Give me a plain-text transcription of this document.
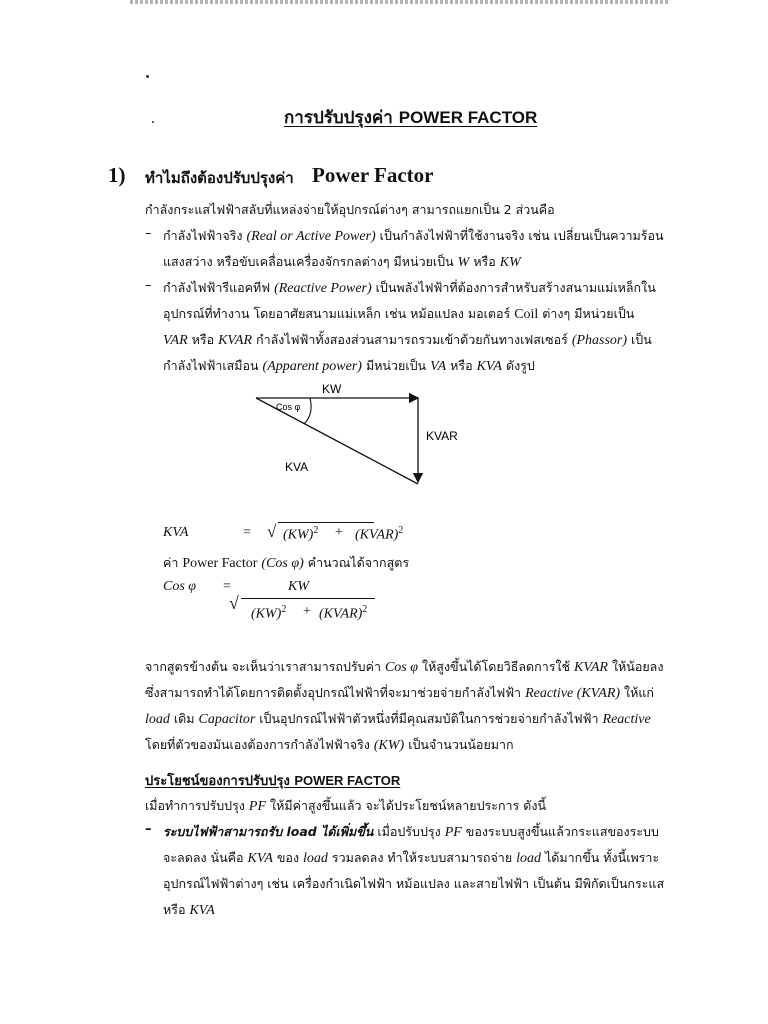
การปรับปรุงค่า POWER FACTOR
1) ทำไมถึงต้องปรับปรุงค่า Power Factor
กำลังกระแสไฟฟ้าสลับที่แหล่งจ่ายให้อุปกรณ์ต่างๆ สามารถแยกเป็น 2 ส่วนคือ
– กำลังไฟฟ้าจริง (Real or Active Power) เป็นกำลังไฟฟ้าที่ใช้งานจริง เช่น เปลี่ยนเป็นความร้อน
แสงสว่าง หรือขับเคลื่อนเครื่องจักรกลต่างๆ มีหน่วยเป็น W หรือ KW
– กำลังไฟฟ้ารีแอคทีฟ (Reactive Power) เป็นพลังไฟฟ้าที่ต้องการสำหรับสร้างสนามแม่เหล็กใน
อุปกรณ์ที่ทำงาน โดยอาศัยสนามแม่เหล็ก เช่น หม้อแปลง มอเตอร์ Coil ต่างๆ มีหน่วยเป็น
VAR หรือ KVAR กำลังไฟฟ้าทั้งสองส่วนสามารถรวมเข้าด้วยกันทางเฟสเซอร์ (Phassor) เป็น
กำลังไฟฟ้าเสมือน (Apparent power) มีหน่วยเป็น VA หรือ KVA ดังรูป
KW
KVAR
KVA
Cos φ
KVA	= √ (KW)$^2$ + (KVAR)$^2$
ค่า Power Factor (Cos φ) คำนวณได้จากสูตร
Cos φ =	KW
√
(KW)$^2$ + (KVAR)$^2$
จากสูตรข้างต้น จะเห็นว่าเราสามารถปรับค่า Cos φ ให้สูงขึ้นได้โดยวิธีลดการใช้ KVAR ให้น้อยลง
ซึ่งสามารถทำได้โดยการติดตั้งอุปกรณ์ไฟฟ้าที่จะมาช่วยจ่ายกำลังไฟฟ้า Reactive (KVAR) ให้แก่
load เดิม Capacitor เป็นอุปกรณ์ไฟฟ้าตัวหนึ่งที่มีคุณสมบัติในการช่วยจ่ายกำลังไฟฟ้า Reactive
โดยที่ตัวของมันเองต้องการกำลังไฟฟ้าจริง (KW) เป็นจำนวนน้อยมาก
ประโยชน์ของการปรับปรุง POWER FACTOR
เมื่อทำการปรับปรุง PF ให้มีค่าสูงขึ้นแล้ว จะได้ประโยชน์หลายประการ ดังนี้
– ระบบไฟฟ้าสามารถรับ load ได้เพิ่มขึ้น เมื่อปรับปรุง PF ของระบบสูงขึ้นแล้วกระแสของระบบ
จะลดลง นั่นคือ KVA ของ load รวมลดลง ทำให้ระบบสามารถจ่าย load ได้มากขึ้น ทั้งนี้เพราะ
อุปกรณ์ไฟฟ้าต่างๆ เช่น เครื่องกำเนิดไฟฟ้า หม้อแปลง และสายไฟฟ้า เป็นต้น มีพิกัดเป็นกระแส
หรือ KVA
